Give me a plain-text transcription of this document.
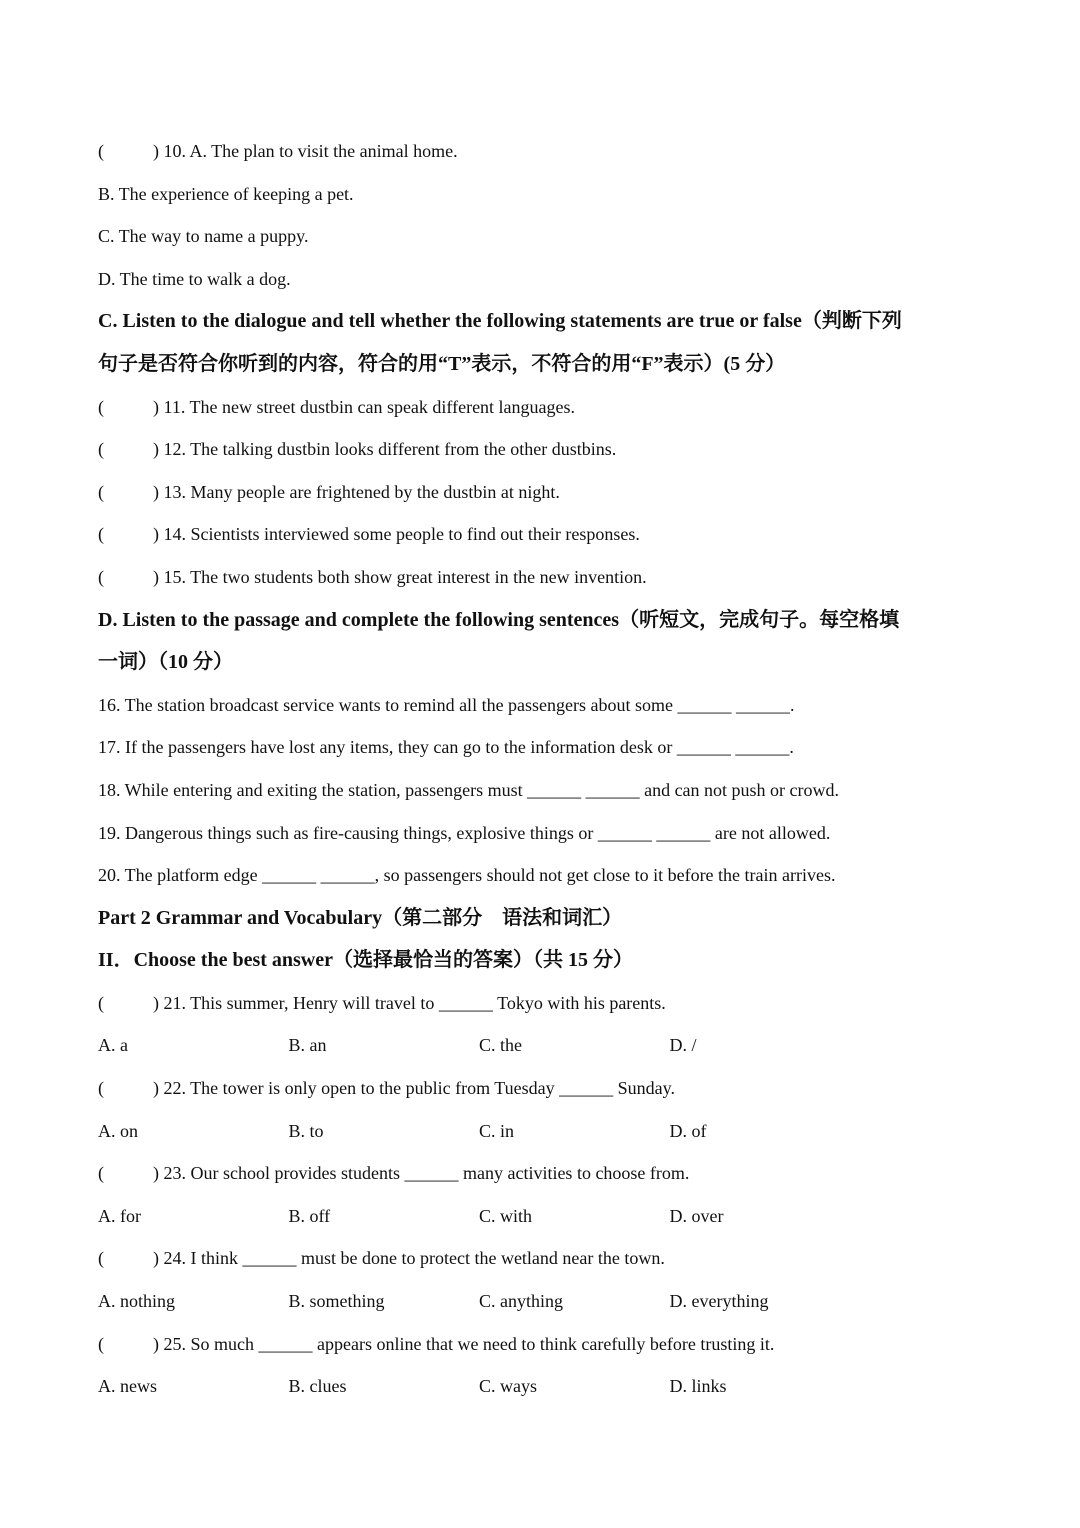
(	) 10. A. The plan to visit the animal home.
B. The experience of keeping a pet.
C. The way to name a puppy.
D. The time to walk a dog.
C. Listen to the dialogue and tell whether the following statements are true or false（判断下列
句子是否符合你听到的内容，符合的用“T”表示，不符合的用“F”表示）(5 分）
(	) 11. The new street dustbin can speak different languages.
(	) 12. The talking dustbin looks different from the other dustbins.
(	) 13. Many people are frightened by the dustbin at night.
(	) 14. Scientists interviewed some people to find out their responses.
(	) 15. The two students both show great interest in the new invention.
D. Listen to the passage and complete the following sentences（听短文，完成句子。每空格填
一词）（10 分）
16. The station broadcast service wants to remind all the passengers about some ______ ______.
17. If the passengers have lost any items, they can go to the information desk or ______ ______.
18. While entering and exiting the station, passengers must ______ ______ and can not push or crowd.
19. Dangerous things such as fire-causing things, explosive things or ______ ______ are not allowed.
20. The platform edge ______ ______, so passengers should not get close to it before the train arrives.
Part 2 Grammar and Vocabulary（第二部分　语法和词汇）
II．Choose the best answer（选择最恰当的答案）（共 15 分）
(	) 21. This summer, Henry will travel to ______ Tokyo with his parents.
A. a	B. an	C. the	D. /
(	) 22. The tower is only open to the public from Tuesday ______ Sunday.
A. on	B. to	C. in	D. of
(	) 23. Our school provides students ______ many activities to choose from.
A. for	B. off	C. with	D. over
(	) 24. I think ______ must be done to protect the wetland near the town.
A. nothing	B. something	C. anything	D. everything
(	) 25. So much ______ appears online that we need to think carefully before trusting it.
A. news	B. clues	C. ways	D. links
